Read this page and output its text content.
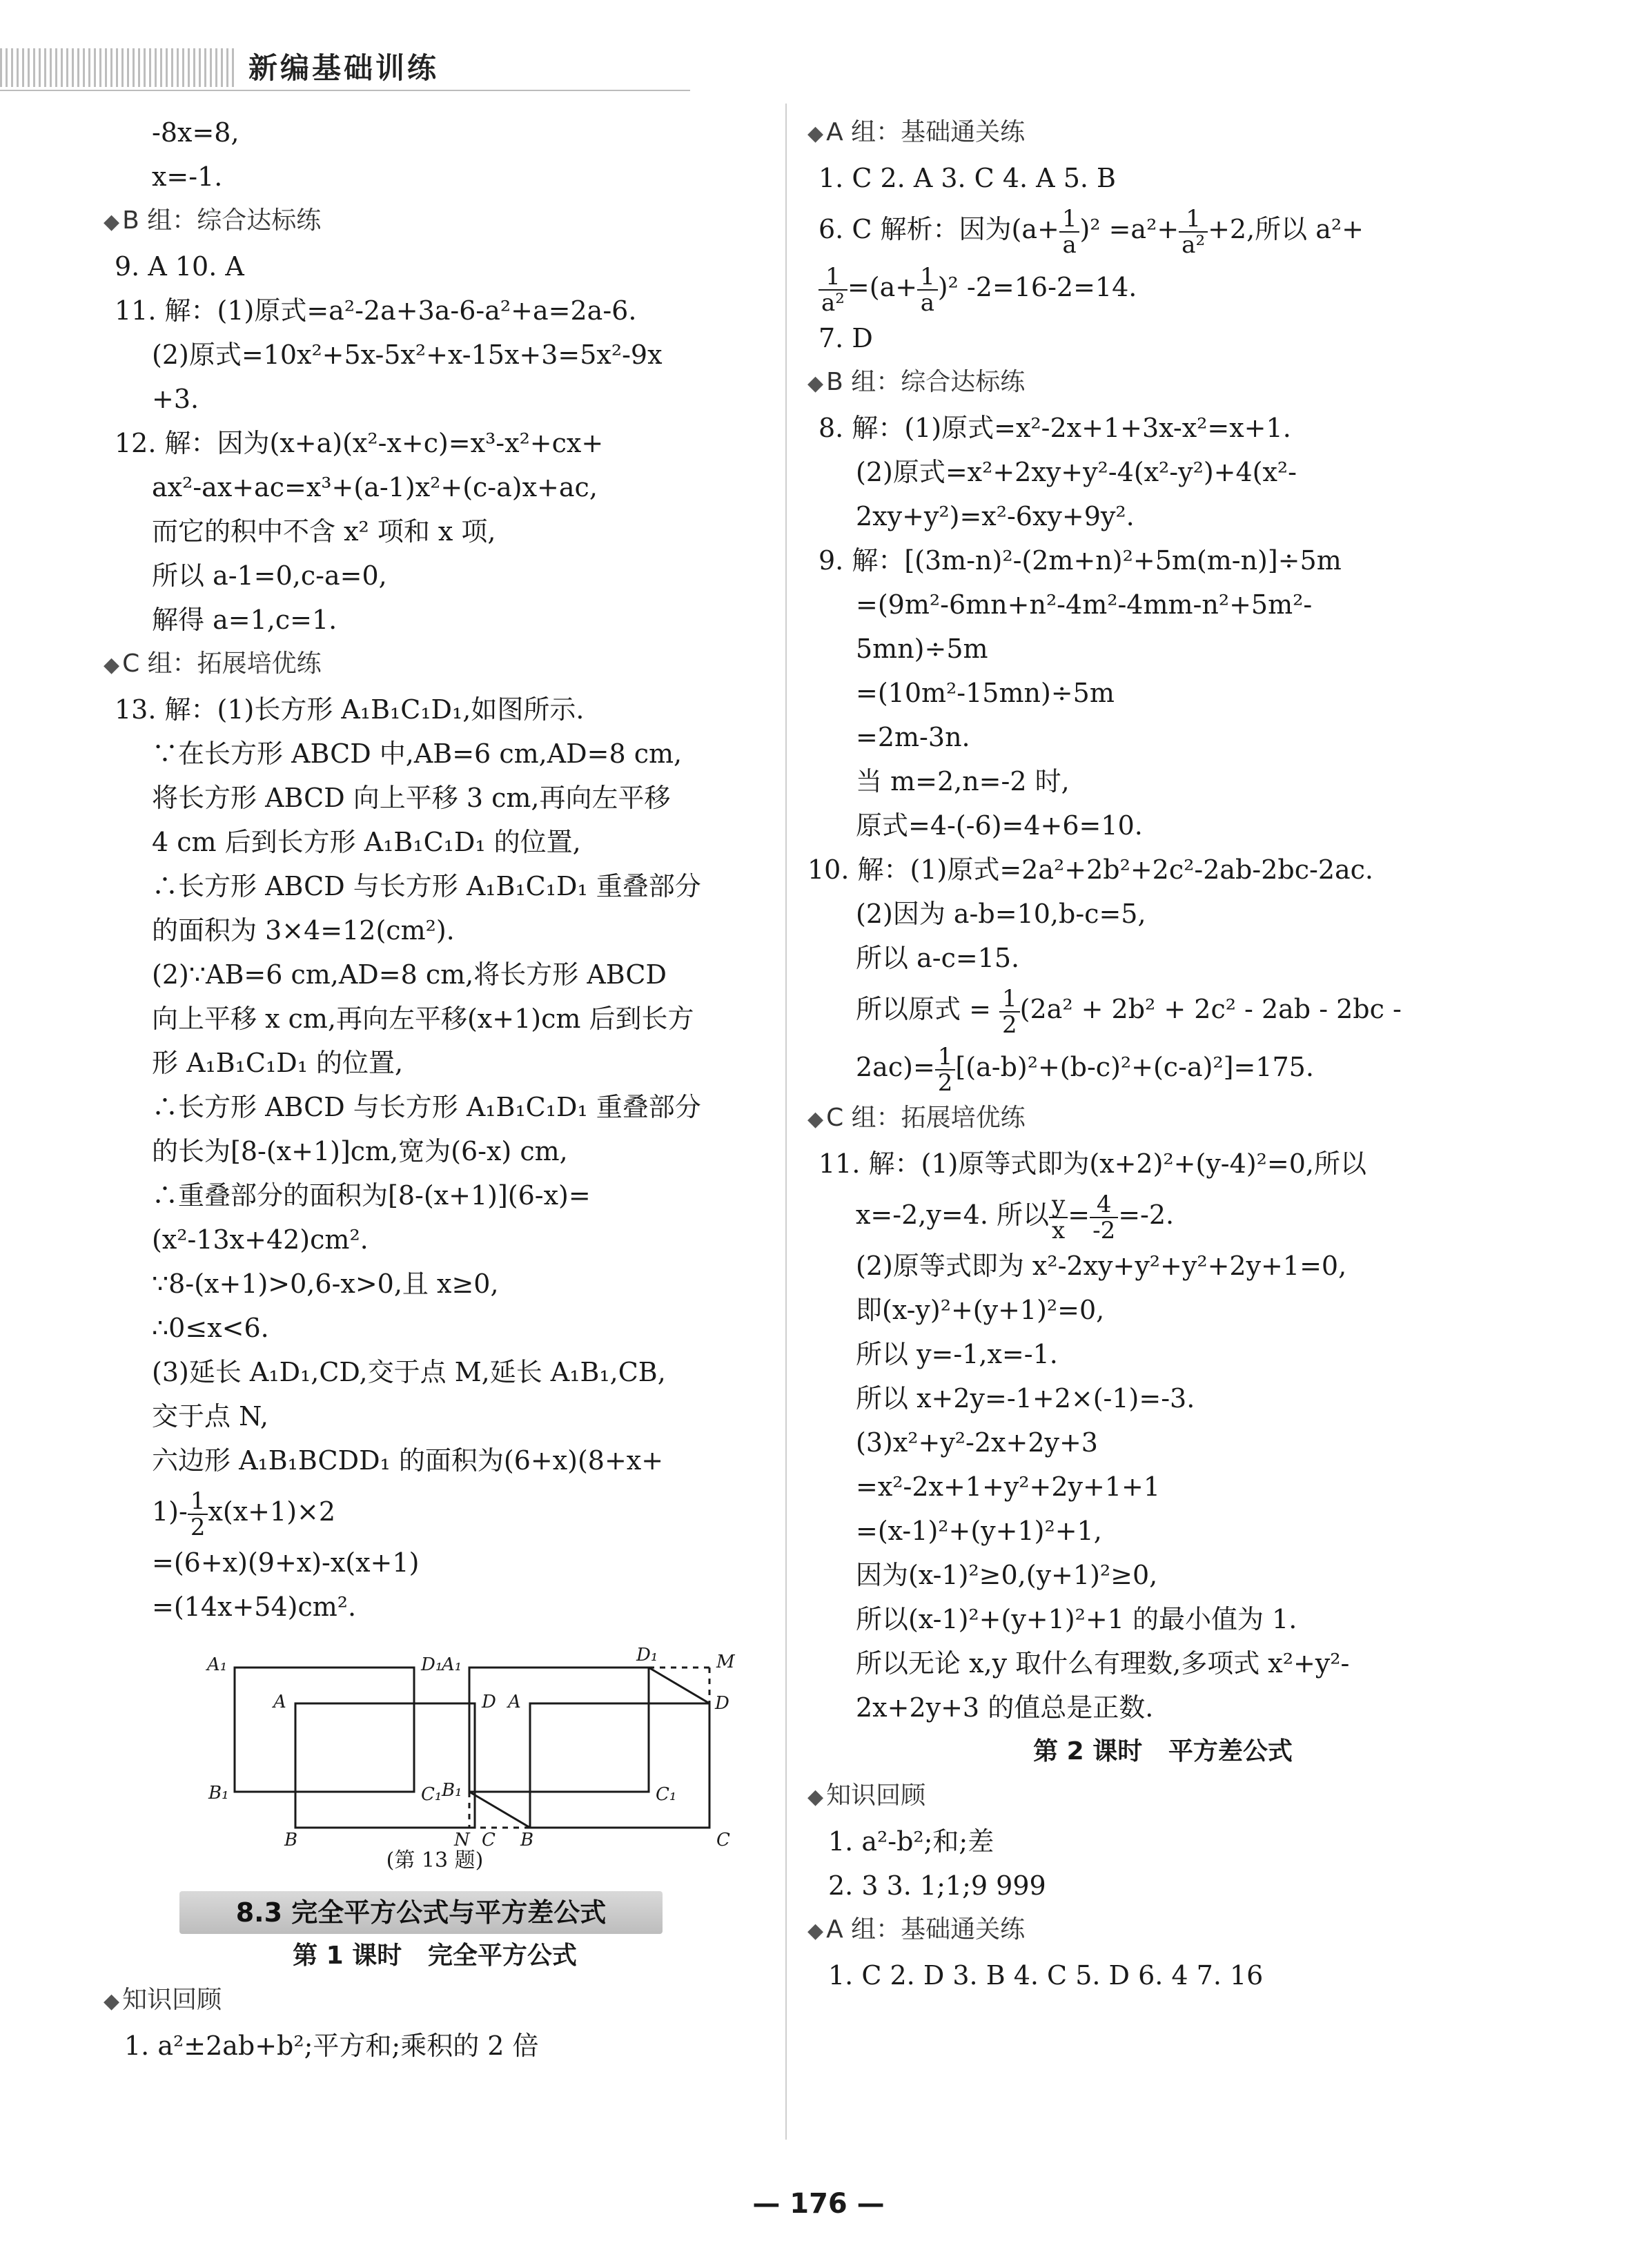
新编基础训练
-8x=8,
x=-1.
◆ B 组：综合达标练
9. A 10. A
11. 解：(1)原式=a²-2a+3a-6-a²+a=2a-6.
(2)原式=10x²+5x-5x²+x-15x+3=5x²-9x
+3.
12. 解：因为(x+a)(x²-x+c)=x³-x²+cx+
ax²-ax+ac=x³+(a-1)x²+(c-a)x+ac,
而它的积中不含 x² 项和 x 项,
所以 a-1=0,c-a=0,
解得 a=1,c=1.
◆ C 组：拓展培优练
13. 解：(1)长方形 A₁B₁C₁D₁,如图所示.
∵在长方形 ABCD 中,AB=6 cm,AD=8 cm,
将长方形 ABCD 向上平移 3 cm,再向左平移
4 cm 后到长方形 A₁B₁C₁D₁ 的位置,
∴长方形 ABCD 与长方形 A₁B₁C₁D₁ 重叠部分
的面积为 3×4=12(cm²).
(2)∵AB=6 cm,AD=8 cm,将长方形 ABCD
向上平移 x cm,再向左平移(x+1)cm 后到长方
形 A₁B₁C₁D₁ 的位置,
∴长方形 ABCD 与长方形 A₁B₁C₁D₁ 重叠部分
的长为[8-(x+1)]cm,宽为(6-x) cm,
∴重叠部分的面积为[8-(x+1)](6-x)=
(x²-13x+42)cm².
∵8-(x+1)>0,6-x>0,且 x≥0,
∴0≤x<6.
(3)延长 A₁D₁,CD,交于点 M,延长 A₁B₁,CB,
交于点 N,
六边形 A₁B₁BCDD₁ 的面积为(6+x)(8+x+
$1)- \frac{1}{2} x(x+1)\times 2$
=(6+x)(9+x)-x(x+1)
=(14x+54)cm².
A₁	D₁
A	D
B₁	C₁
B	C
A₁	D₁	M
A	D
B₁	C₁
N	B	C
(第 13 题)
8.3 完全平方公式与平方差公式
第 1 课时   完全平方公式
◆ 知识回顾
1. a²±2ab+b²;平方和;乘积的 2 倍
◆ A 组：基础通关练
1. C 2. A 3. C 4. A 5. B
6. C 解析：因为$(a+ \frac{1}{a} )^2 =a^2+ \frac{1}{\text{a²}} +2$,所以 a²+
$\frac{1}{\text{a²}} =(a+ \frac{1}{a} )^2$ -2=16-2=14.
7. D
◆ B 组：综合达标练
8. 解：(1)原式=x²-2x+1+3x-x²=x+1.
(2)原式=x²+2xy+y²-4(x²-y²)+4(x²-
2xy+y²)=x²-6xy+9y².
9. 解：[(3m-n)²-(2m+n)²+5m(m-n)]÷5m
=(9m²-6mn+n²-4m²-4mm-n²+5m²-
5mn)÷5m
=(10m²-15mn)÷5m
=2m-3n.
当 m=2,n=-2 时,
原式=4-(-6)=4+6=10.
10. 解：(1)原式=2a²+2b²+2c²-2ab-2bc-2ac.
(2)因为 a-b=10,b-c=5,
所以 a-c=15.
所以原式 = $\frac{1}{2} (2a^2 + 2b^2 + 2c^2 - 2ab - 2bc$ -
$2ac)= \frac{1}{2} [(a-b)^2+(b-c)^2+(c-a)^2]=175$.
◆ C 组：拓展培优练
11. 解：(1)原等式即为(x+2)²+(y-4)²=0,所以
x=-2,y=4. 所以 $\frac{y}{x} = \frac{4}{-2} =-2$.
(2)原等式即为 x²-2xy+y²+y²+2y+1=0,
即(x-y)²+(y+1)²=0,
所以 y=-1,x=-1.
所以 x+2y=-1+2×(-1)=-3.
(3)x²+y²-2x+2y+3
=x²-2x+1+y²+2y+1+1
=(x-1)²+(y+1)²+1,
因为(x-1)²≥0,(y+1)²≥0,
所以(x-1)²+(y+1)²+1 的最小值为 1.
所以无论 x,y 取什么有理数,多项式 x²+y²-
2x+2y+3 的值总是正数.
第 2 课时   平方差公式
◆ 知识回顾
1. a²-b²;和;差
2. 3 3. 1;1;9 999
◆ A 组：基础通关练
1. C 2. D 3. B 4. C 5. D 6. 4 7. 16
— 176 —
